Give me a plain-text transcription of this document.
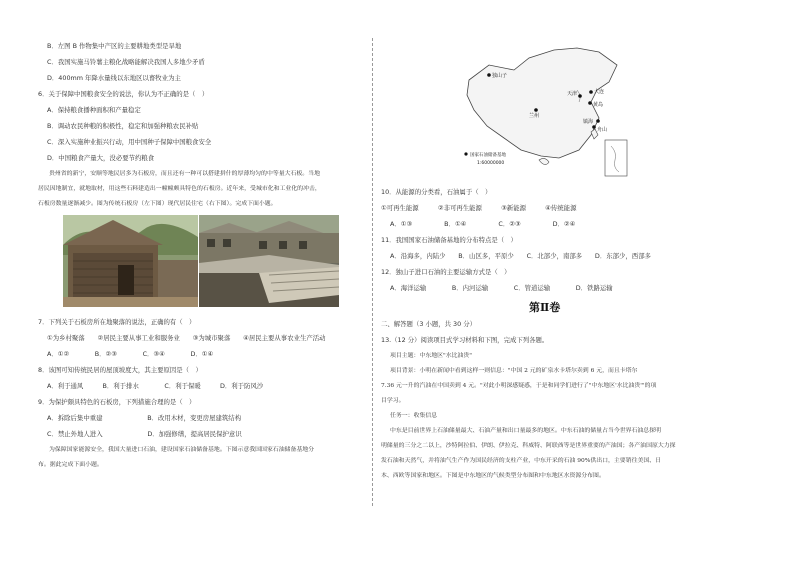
B．左图 B 作物集中产区的主要耕地类型是旱地
C．我国实施马铃薯主粮化战略能解决我国人多地少矛盾
D．400mm 年降水量线以东地区以畜牧业为主
6．关于保障中国粮食安全的说法，你认为不正确的是（　）
A．保持粮食播种面积和产量稳定
B．调动农民种粮的积极性，稳定和加强种粮农民补贴
C．深入实施种业振兴行动，用中国种子保障中国粮食安全
D．中国粮食产量大，没必要节约粮食
贵州省的新宁，安顺等地民居多为石板房，而且还有一种可以搭建拼什的厚薄均匀的中等量大石板。当地
居民因地制宜，就地取材，用这些石料建造出一幢幢颇具特色的石板房。近年来，受城市化和工业化的冲击，
石板房数量逐渐减少。图为传统石板房（左下图）现代居民住宅（右下图）。完成下面小题。
7．下列关于石板房所在地聚落的说法，正确的有（　）
①为乡村聚落　　②居民主要从事工业和服务业　　③为城市聚落　　④居民主要从事农业生产活动
A．①②　　　　B．②③　　　　C．③④　　　　D．①④
8．该图可知传统民居的屋顶坡度大，其主要原因是（　）
A．利于通风　　　B．利于排水　　　　C．利于保暖　　　D．利于防风沙
9．为保护颇具特色的石板房，下列措施合理的是（　）
A．拆除后集中重建　　　　　　　B．改用木材，变更房屋建筑结构
C．禁止外地人进入　　　　　　　D．加强修缮，提高居民保护意识
为保障国家能源安全，我国大量进口石油，建设国家石油储备基地。下图示意我国国家石油储备基地分
布。据此完成下面小题。
独山子
大连
天津
黄岛
兰州
镇海
舟山
国家石油储备基地
1:60000000
10．从能源的分类看，石油属于（　）
①可再生能源　　　②非可再生能源　　　③新能源　　　④传统能源
A．①③　　　　　B．①④　　　　　C．②③　　　　　D．②④
11．我国国家石油储备基地的分布特点是（　）
A．沿海多，内陆少　　B．山区多，平原少　　C．北部少，南部多　　D．东部少，西部多
12．独山子进口石油的主要运输方式是（　）
A．海洋运输　　　　B．内河运输　　　　C．管道运输　　　　D．铁路运输
第Ⅱ卷
二、解答题（3 小题，共 30 分）
13.（12 分）阅读项目式学习材料和下图，完成下列各题。
项目主题：中东地区"水比油贵"
项目背景：小明在新闻中看到这样一则信息："中国 2 元的矿泉水卡塔尔卖到 6 元，而且卡塔尔
7.36 元一升的汽油在中国卖到 4 元。"对此小明深感疑惑，于是和同学们进行了"中东地区'水比油贵'"的项
目学习。
任务一：收集信息
中东是目前世界上石油储量最大、石油产量和出口量最多的地区。中东石油的储量占当今世界石油总探明
明储量的三分之二以上，沙特阿拉伯、伊朗、伊拉克、科威特、阿联酋等是世界重要的产油国；各产油国原大力探
发石油和天然气，并将油气生产作为国民经济的支柱产业，中东开采的石油 90%供出口，主要销往美国、日
本、西欧等国家和地区。下图是中东地区的气候类型分布图和中东地区水资源分布图。
